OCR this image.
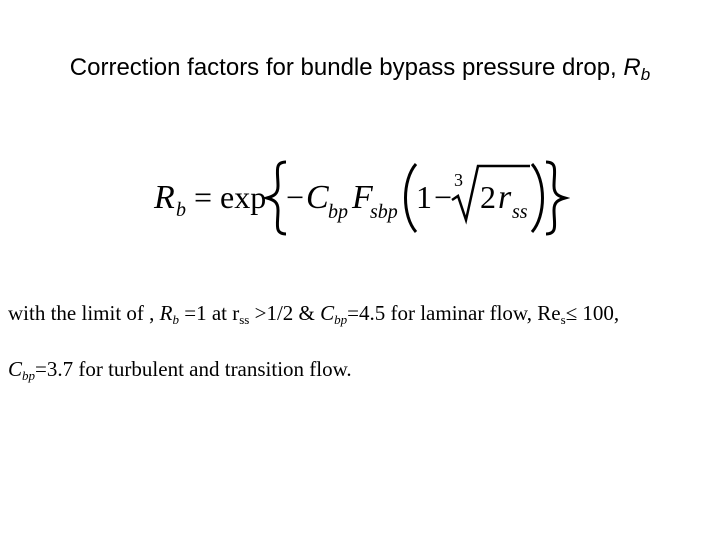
Correction factors for bundle bypass pressure drop, $R_b$
R b = exp − C bp F
sbp 1 − 3 2 r ss
with the limit of , $R_b =1$ at $r_{ss} >1/2$ & $C_{bp}=4.5$ for laminar flow, $Re_s\le 100$,
$C_{bp}=3.7$ for turbulent and transition flow.
